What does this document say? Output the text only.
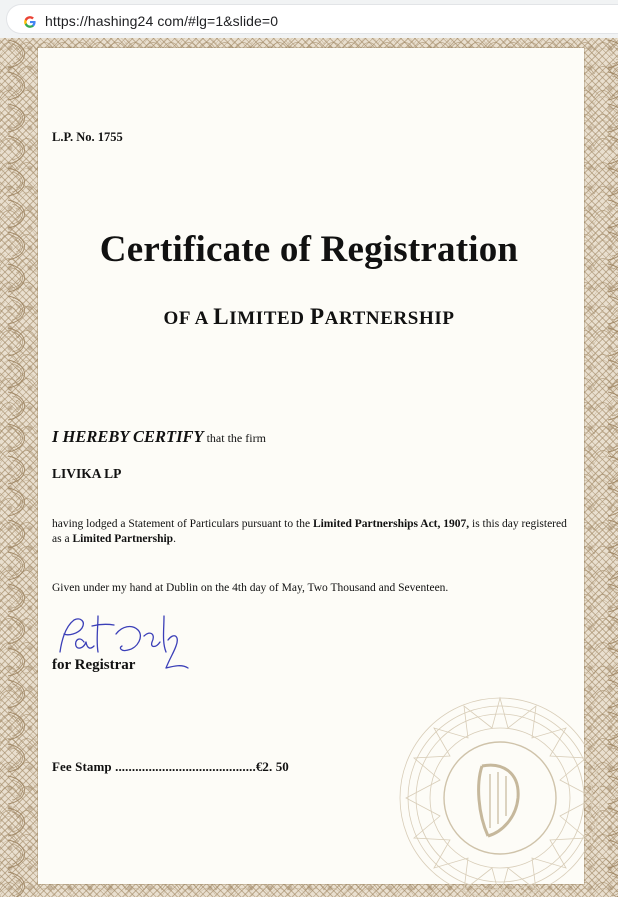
https://hashing24 com/#lg=1&slide=0
L.P. No. 1755
Certificate of Registration
OF A LIMITED PARTNERSHIP
I HEREBY CERTIFY that the firm
LIVIKA LP
having lodged a Statement of Particulars pursuant to the Limited Partnerships Act, 1907, is this day registered as a Limited Partnership.
Given under my hand at Dublin on the 4th day of May, Two Thousand and Seventeen.
for Registrar
Fee Stamp ..........................................€2. 50
